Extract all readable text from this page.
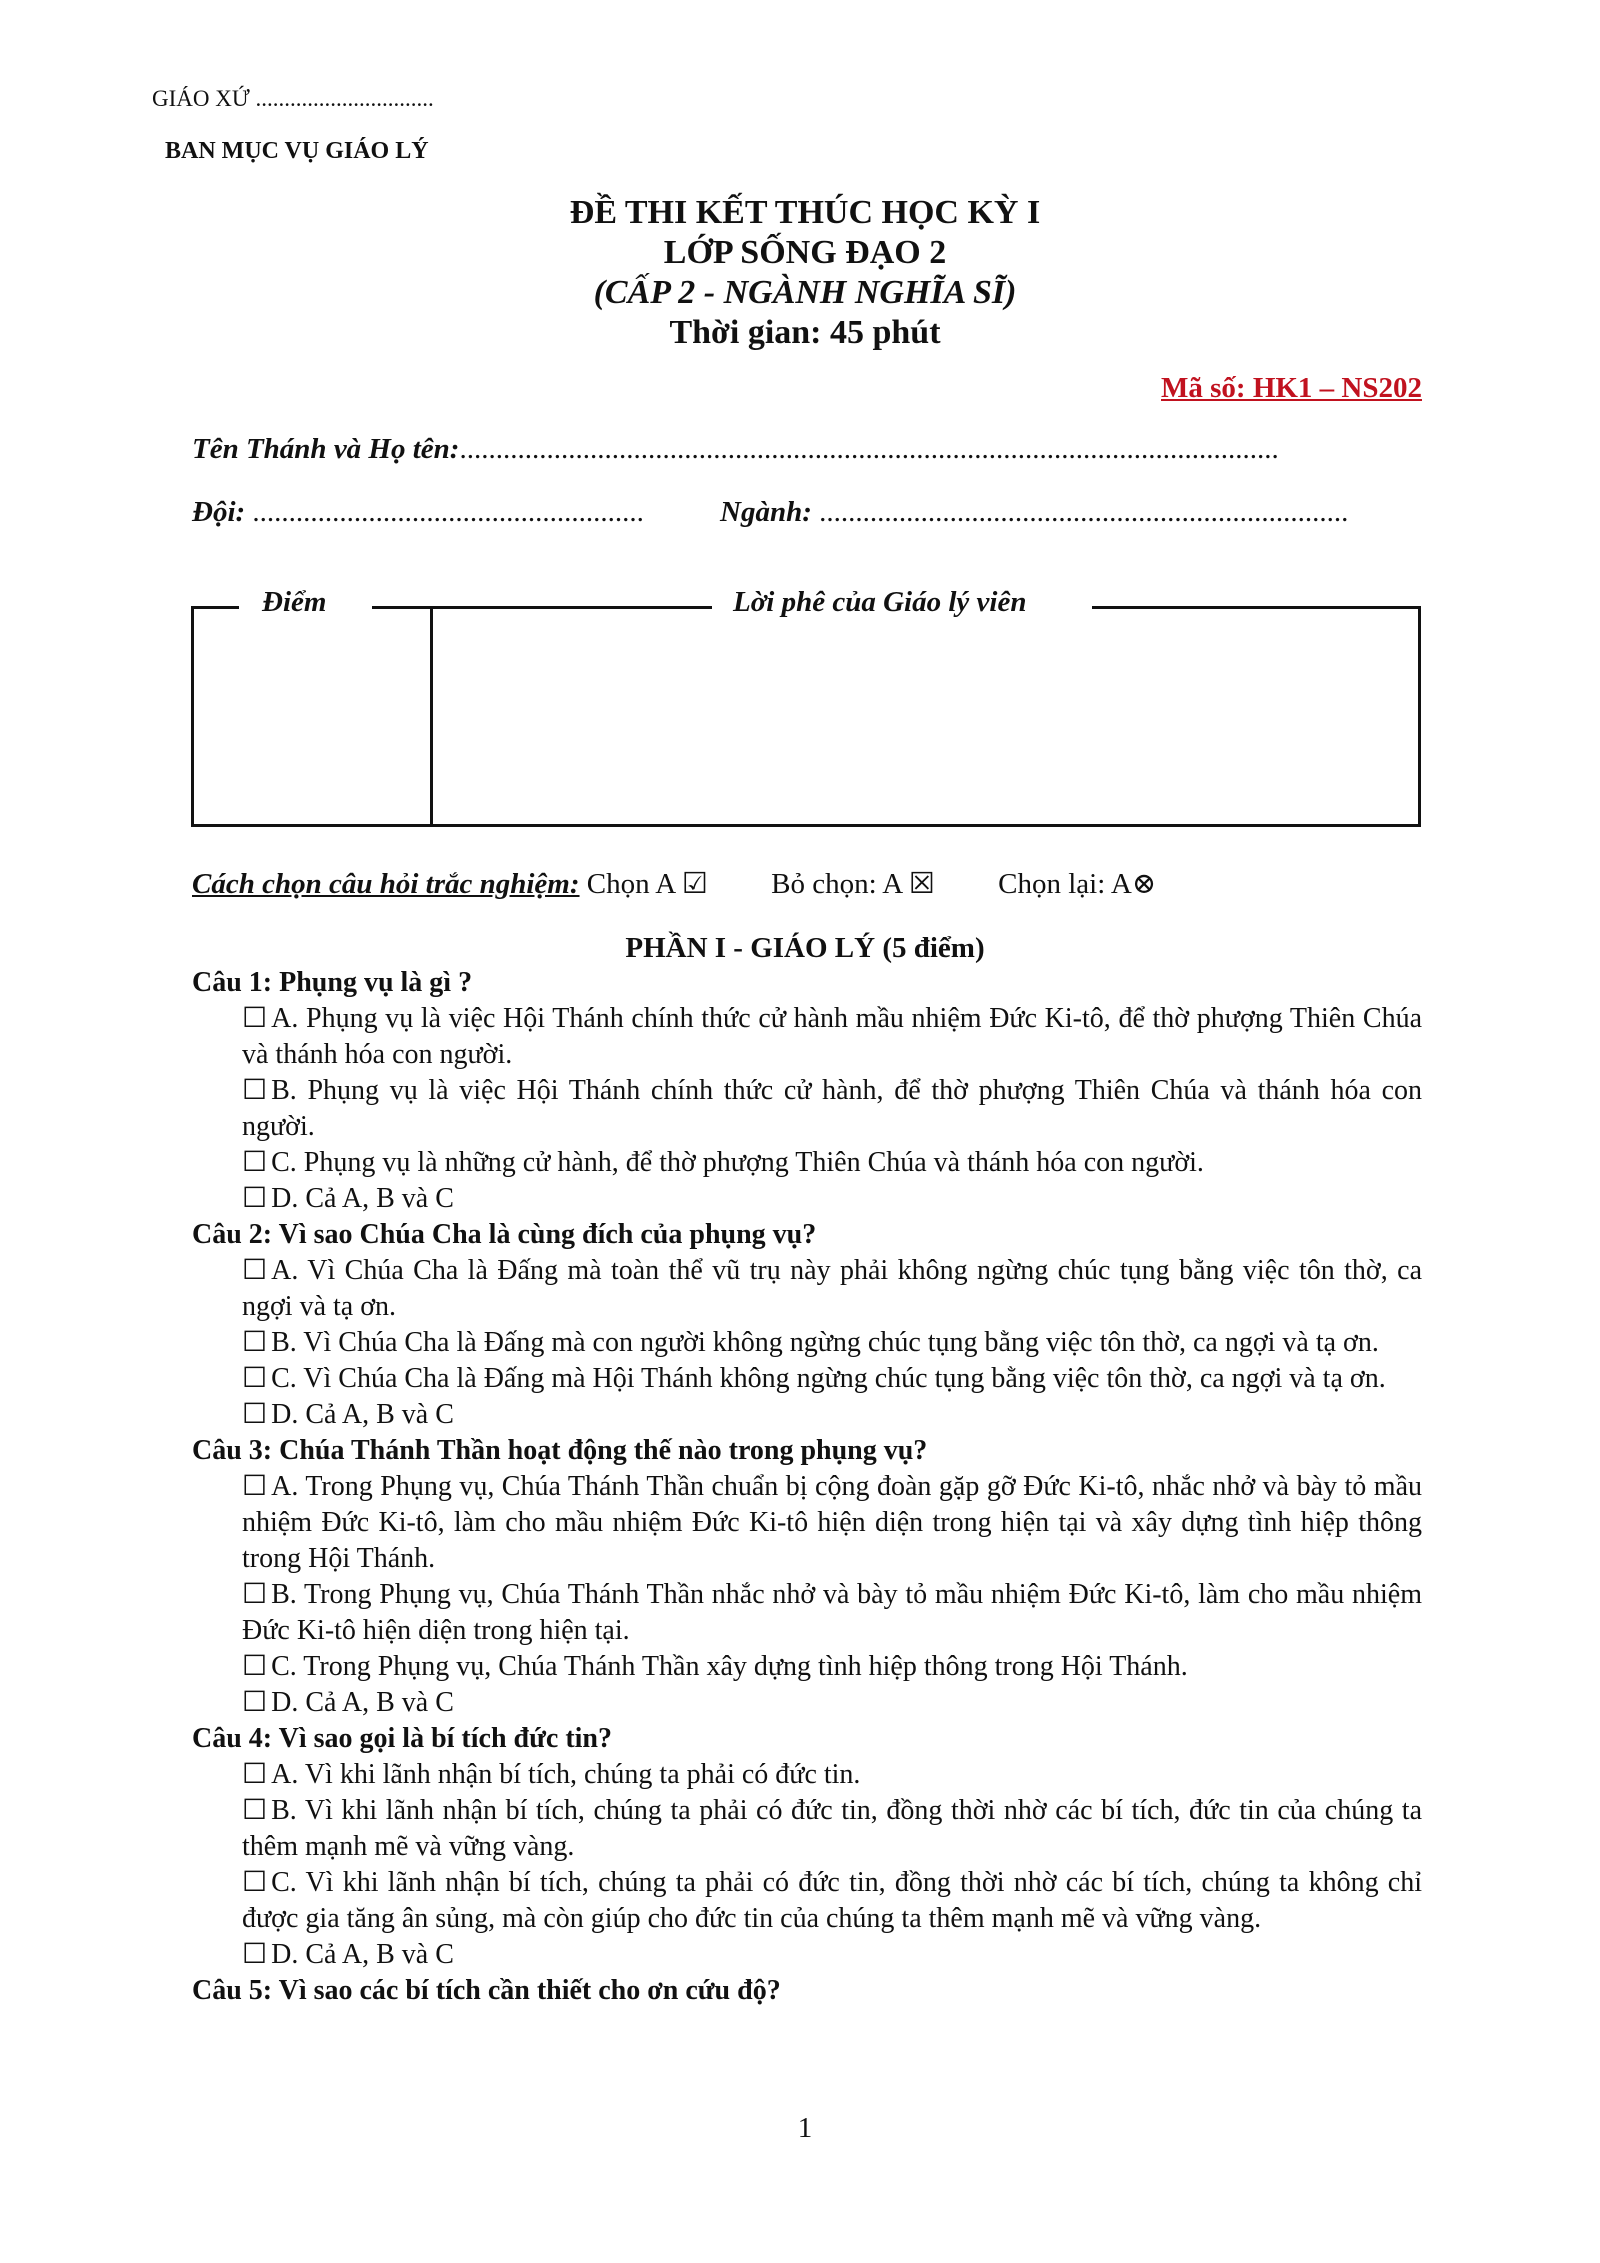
GIÁO XỨ ...............................
BAN MỤC VỤ GIÁO LÝ
ĐỀ THI KẾT THÚC HỌC KỲ I
LỚP SỐNG ĐẠO 2
(CẤP 2 - NGÀNH NGHĨA SĨ)
Thời gian: 45 phút
Mã số: HK1 – NS202
Tên Thánh và Họ tên:.................................................................................................................
Đội: ......................................................	Ngành: .........................................................................
Điểm	Lời phê của Giáo lý viên
Cách chọn câu hỏi trắc nghiệm: Chọn A ☑ Bỏ chọn: A ☒ Chọn lại: A⊗
PHẦN I - GIÁO LÝ (5 điểm)

Câu 1: Phụng vụ là gì ?

☐ A. Phụng vụ là việc Hội Thánh chính thức cử hành mầu nhiệm Đức Ki-tô, để thờ phượng Thiên Chúa và thánh hóa con người.

☐ B. Phụng vụ là việc Hội Thánh chính thức cử hành, để thờ phượng Thiên Chúa và thánh hóa con người.

☐ C. Phụng vụ là những cử hành, để thờ phượng Thiên Chúa và thánh hóa con người.

☐ D. Cả A, B và C

Câu 2: Vì sao Chúa Cha là cùng đích của phụng vụ?

☐ A. Vì Chúa Cha là Đấng mà toàn thể vũ trụ này phải không ngừng chúc tụng bằng việc tôn thờ, ca ngợi và tạ ơn.

☐ B. Vì Chúa Cha là Đấng mà con người không ngừng chúc tụng bằng việc tôn thờ, ca ngợi và tạ ơn.

☐ C. Vì Chúa Cha là Đấng mà Hội Thánh không ngừng chúc tụng bằng việc tôn thờ, ca ngợi và tạ ơn.

☐ D. Cả A, B và C

Câu 3: Chúa Thánh Thần hoạt động thế nào trong phụng vụ?

☐ A. Trong Phụng vụ, Chúa Thánh Thần chuẩn bị cộng đoàn gặp gỡ Đức Ki-tô, nhắc nhở và bày tỏ mầu nhiệm Đức Ki-tô, làm cho mầu nhiệm Đức Ki-tô hiện diện trong hiện tại và xây dựng tình hiệp thông trong Hội Thánh.

☐ B. Trong Phụng vụ, Chúa Thánh Thần nhắc nhở và bày tỏ mầu nhiệm Đức Ki-tô, làm cho mầu nhiệm Đức Ki-tô hiện diện trong hiện tại.

☐ C. Trong Phụng vụ, Chúa Thánh Thần xây dựng tình hiệp thông trong Hội Thánh.

☐ D. Cả A, B và C

Câu 4: Vì sao gọi là bí tích đức tin?

☐ A. Vì khi lãnh nhận bí tích, chúng ta phải có đức tin.

☐ B. Vì khi lãnh nhận bí tích, chúng ta phải có đức tin, đồng thời nhờ các bí tích, đức tin của chúng ta thêm mạnh mẽ và vững vàng.

☐ C. Vì khi lãnh nhận bí tích, chúng ta phải có đức tin, đồng thời nhờ các bí tích, chúng ta không chỉ được gia tăng ân sủng, mà còn giúp cho đức tin của chúng ta thêm mạnh mẽ và vững vàng.

☐ D. Cả A, B và C

Câu 5: Vì sao các bí tích cần thiết cho ơn cứu độ?

1
